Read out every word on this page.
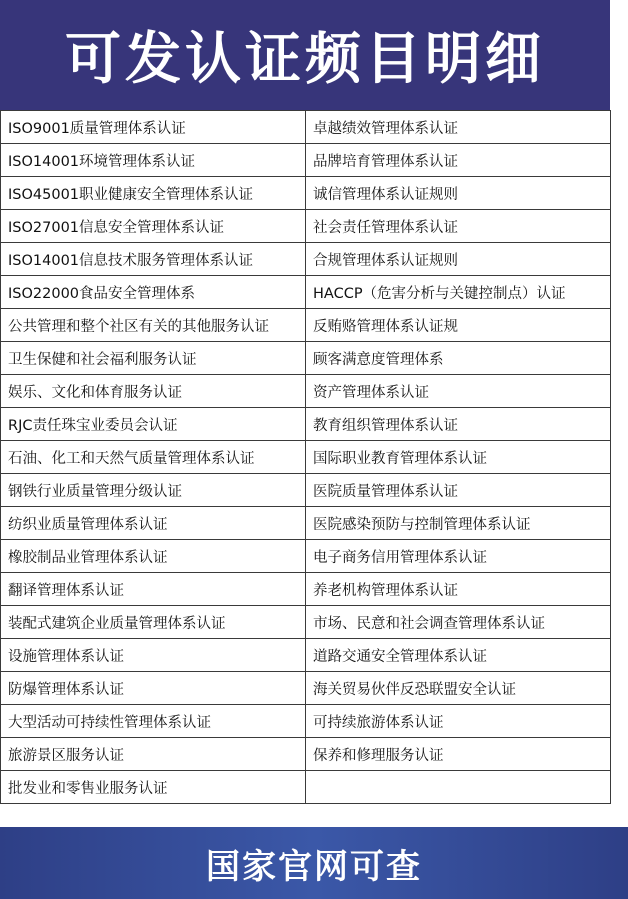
可发认证频目明细
ISO9001质量管理体系认证	卓越绩效管理体系认证
ISO14001环境管理体系认证	品牌培育管理体系认证
ISO45001职业健康安全管理体系认证	诚信管理体系认证规则
ISO27001信息安全管理体系认证	社会责任管理体系认证
ISO14001信息技术服务管理体系认证	合规管理体系认证规则
ISO22000食品安全管理体系	HACCP（危害分析与关键控制点）认证
公共管理和整个社区有关的其他服务认证	反贿赂管理体系认证规
卫生保健和社会福利服务认证	顾客满意度管理体系
娱乐、文化和体育服务认证	资产管理体系认证
RJC责任珠宝业委员会认证	教育组织管理体系认证
石油、化工和天然气质量管理体系认证	国际职业教育管理体系认证
钢铁行业质量管理分级认证	医院质量管理体系认证
纺织业质量管理体系认证	医院感染预防与控制管理体系认证
橡胶制品业管理体系认证	电子商务信用管理体系认证
翻译管理体系认证	养老机构管理体系认证
装配式建筑企业质量管理体系认证	市场、民意和社会调查管理体系认证
设施管理体系认证	道路交通安全管理体系认证
防爆管理体系认证	海关贸易伙伴反恐联盟安全认证
大型活动可持续性管理体系认证	可持续旅游体系认证
旅游景区服务认证	保养和修理服务认证
批发业和零售业服务认证	
国家官网可查
